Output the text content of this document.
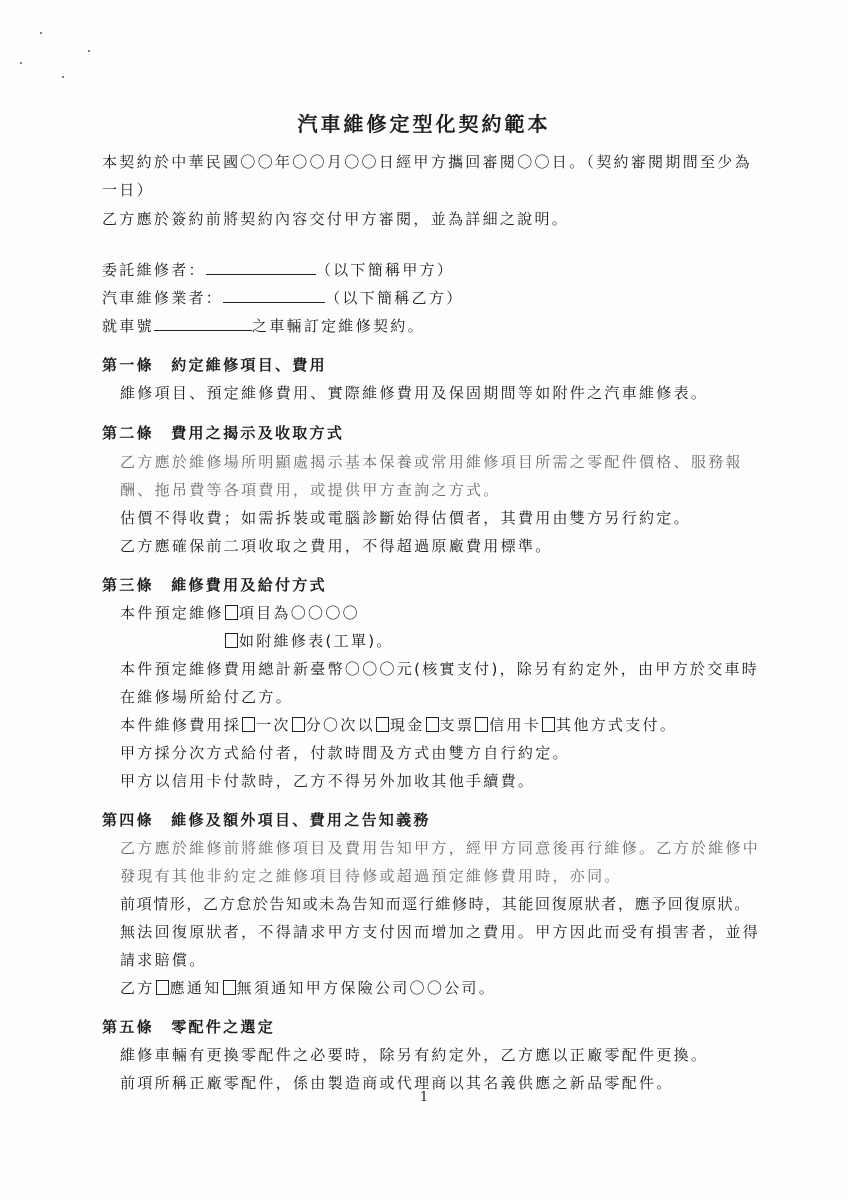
汽車維修定型化契約範本
本契約於中華民國〇〇年〇〇月〇〇日經甲方攜回審閱〇〇日。（契約審閱期間至少為
一日）
乙方應於簽約前將契約內容交付甲方審閱，並為詳細之說明。
委託維修者：	（以下簡稱甲方）
汽車維修業者：	（以下簡稱乙方）
就車號	之車輛訂定維修契約。
第一條　約定維修項目、費用
維修項目、預定維修費用、實際維修費用及保固期間等如附件之汽車維修表。
第二條　費用之揭示及收取方式
乙方應於維修場所明顯處揭示基本保養或常用維修項目所需之零配件價格、服務報
酬、拖吊費等各項費用，或提供甲方查詢之方式。
估價不得收費；如需拆裝或電腦診斷始得估價者，其費用由雙方另行約定。
乙方應確保前二項收取之費用，不得超過原廠費用標準。
第三條　維修費用及給付方式
本件預定維修 項目為〇〇〇〇
如附維修表(工單)。
本件預定維修費用總計新臺幣〇〇〇元(核實支付)，除另有約定外，由甲方於交車時
在維修場所給付乙方。
本件維修費用採 一次 分〇次以 現金 支票 信用卡 其他方式支付。
甲方採分次方式給付者，付款時間及方式由雙方自行約定。
甲方以信用卡付款時，乙方不得另外加收其他手續費。
第四條　維修及額外項目、費用之告知義務
乙方應於維修前將維修項目及費用告知甲方，經甲方同意後再行維修。乙方於維修中
發現有其他非約定之維修項目待修或超過預定維修費用時，亦同。
前項情形，乙方怠於告知或未為告知而逕行維修時，其能回復原狀者，應予回復原狀。
無法回復原狀者，不得請求甲方支付因而增加之費用。甲方因此而受有損害者，並得
請求賠償。
乙方 應通知 無須通知甲方保險公司〇〇公司。
第五條　零配件之選定
維修車輛有更換零配件之必要時，除另有約定外，乙方應以正廠零配件更換。
前項所稱正廠零配件，係由製造商或代理商以其名義供應之新品零配件。
1
